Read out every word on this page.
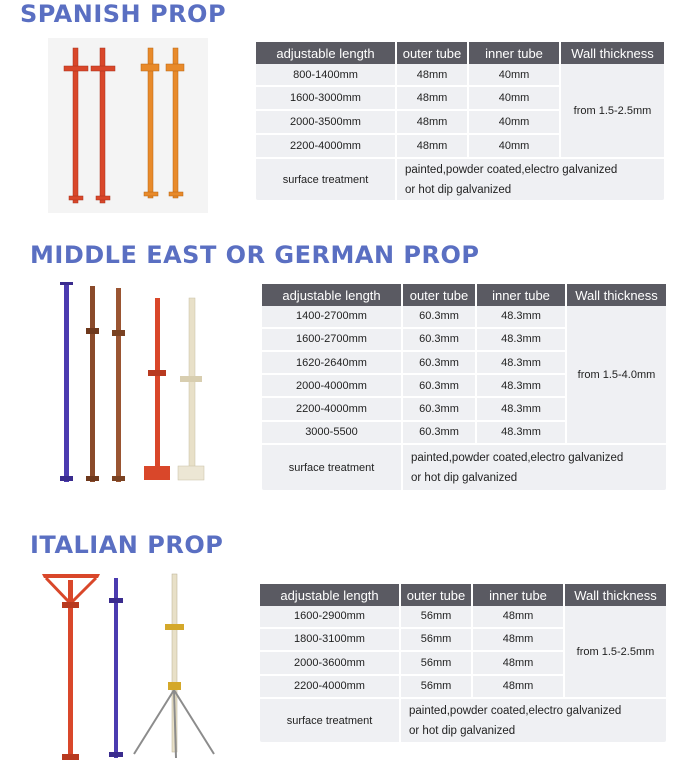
SPANISH PROP
adjustable length	outer tube	inner tube	Wall thickness
800-1400mm	48mm	40mm	from 1.5-2.5mm
1600-3000mm	48mm	40mm	
2000-3500mm	48mm	40mm	
2200-4000mm	48mm	40mm	
surface treatment	painted,powder coated,electro galvanized
or hot dip galvanized		
MIDDLE EAST OR GERMAN PROP
adjustable length	outer tube	inner tube	Wall thickness
1400-2700mm	60.3mm	48.3mm	from 1.5-4.0mm
1600-2700mm	60.3mm	48.3mm	
1620-2640mm	60.3mm	48.3mm	
2000-4000mm	60.3mm	48.3mm	
2200-4000mm	60.3mm	48.3mm	
3000-5500	60.3mm	48.3mm	
surface treatment	painted,powder coated,electro galvanized
or hot dip galvanized		
ITALIAN PROP
adjustable length	outer tube	inner tube	Wall thickness
1600-2900mm	56mm	48mm	from 1.5-2.5mm
1800-3100mm	56mm	48mm	
2000-3600mm	56mm	48mm	
2200-4000mm	56mm	48mm	
surface treatment	painted,powder coated,electro galvanized
or hot dip galvanized		
